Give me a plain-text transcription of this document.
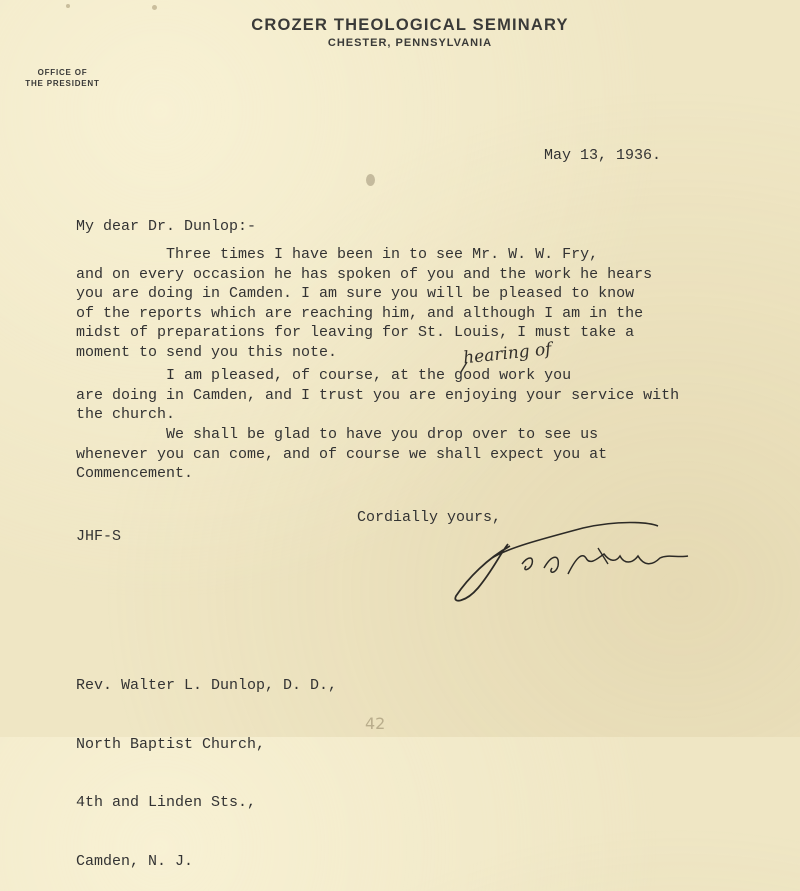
CROZER THEOLOGICAL SEMINARY
CHESTER, PENNSYLVANIA
OFFICE OF
THE PRESIDENT
May 13, 1936.
My dear Dr. Dunlop:-
Three times I have been in to see Mr. W. W. Fry,
and on every occasion he has spoken of you and the work he hears
you are doing in Camden. I am sure you will be pleased to know
of the reports which are reaching him, and although I am in the
midst of preparations for leaving for St. Louis, I must take a
moment to send you this note.
I am pleased, of course, at the good work you
are doing in Camden, and I trust you are enjoying your service with
the church.
We shall be glad to have you drop over to see us
whenever you can come, and of course we shall expect you at
Commencement.
hearing of
Cordially yours,
JHF-S

Rev. Walter L. Dunlop, D. D.,

North Baptist Church,

4th and Linden Sts.,

Camden, N. J.

42
